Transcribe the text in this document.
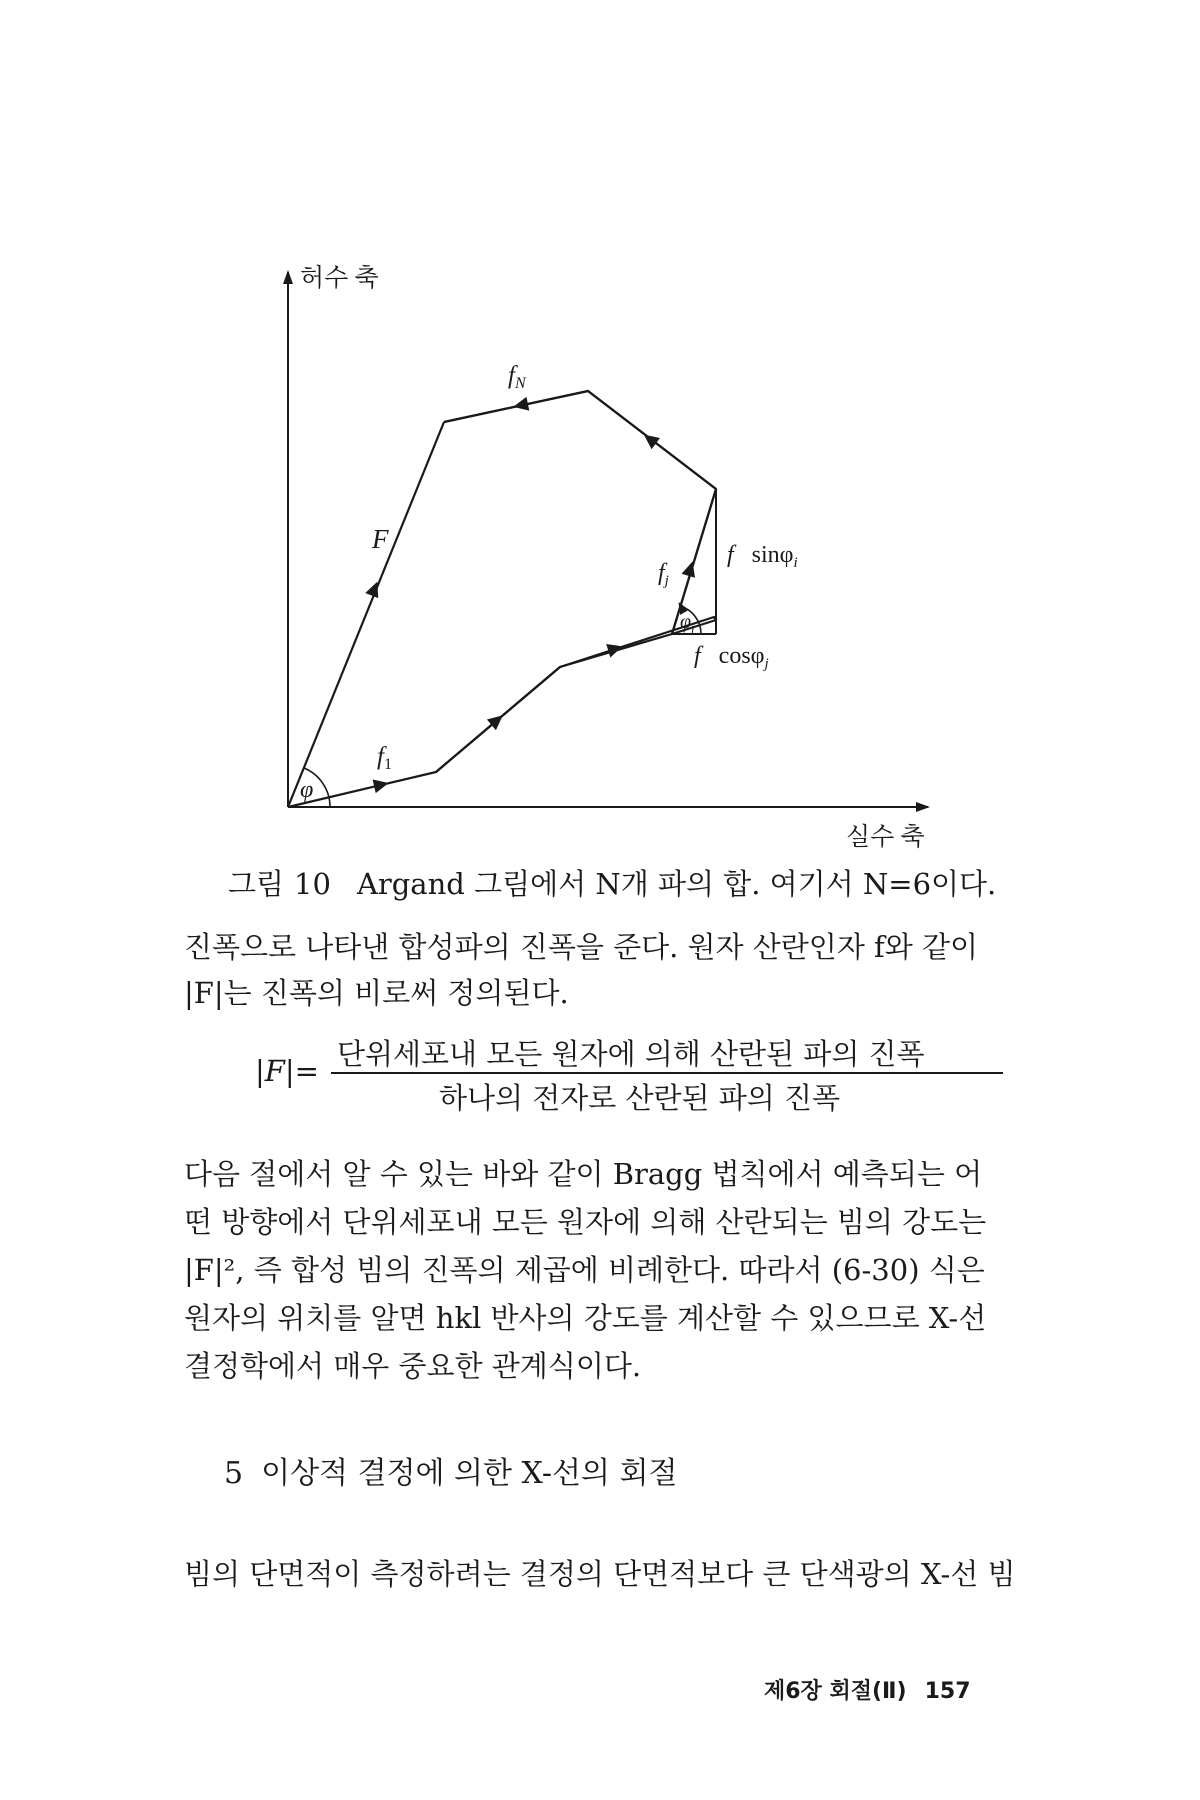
허수 축
실수 축
F
$f_1$
$f_N$
$f_j$
f sinφ$_i$
f cosφ$_j$
φ
$\varphi_j$
그림 10 Argand 그림에서 N개 파의 합. 여기서 N=6이다.
진폭으로 나타낸 합성파의 진폭을 준다. 원자 산란인자 f와 같이
|F|는 진폭의 비로써 정의된다.
|F|= 단위세포내 모든 원자에 의해 산란된 파의 진폭
하나의 전자로 산란된 파의 진폭
다음 절에서 알 수 있는 바와 같이 Bragg 법칙에서 예측되는 어
떤 방향에서 단위세포내 모든 원자에 의해 산란되는 빔의 강도는
|F|², 즉 합성 빔의 진폭의 제곱에 비례한다. 따라서 (6-30) 식은
원자의 위치를 알면 hkl 반사의 강도를 계산할 수 있으므로 X-선
결정학에서 매우 중요한 관계식이다.
5 이상적 결정에 의한 X-선의 회절
빔의 단면적이 측정하려는 결정의 단면적보다 큰 단색광의 X-선 빔
제6장 회절(Ⅱ) 157
